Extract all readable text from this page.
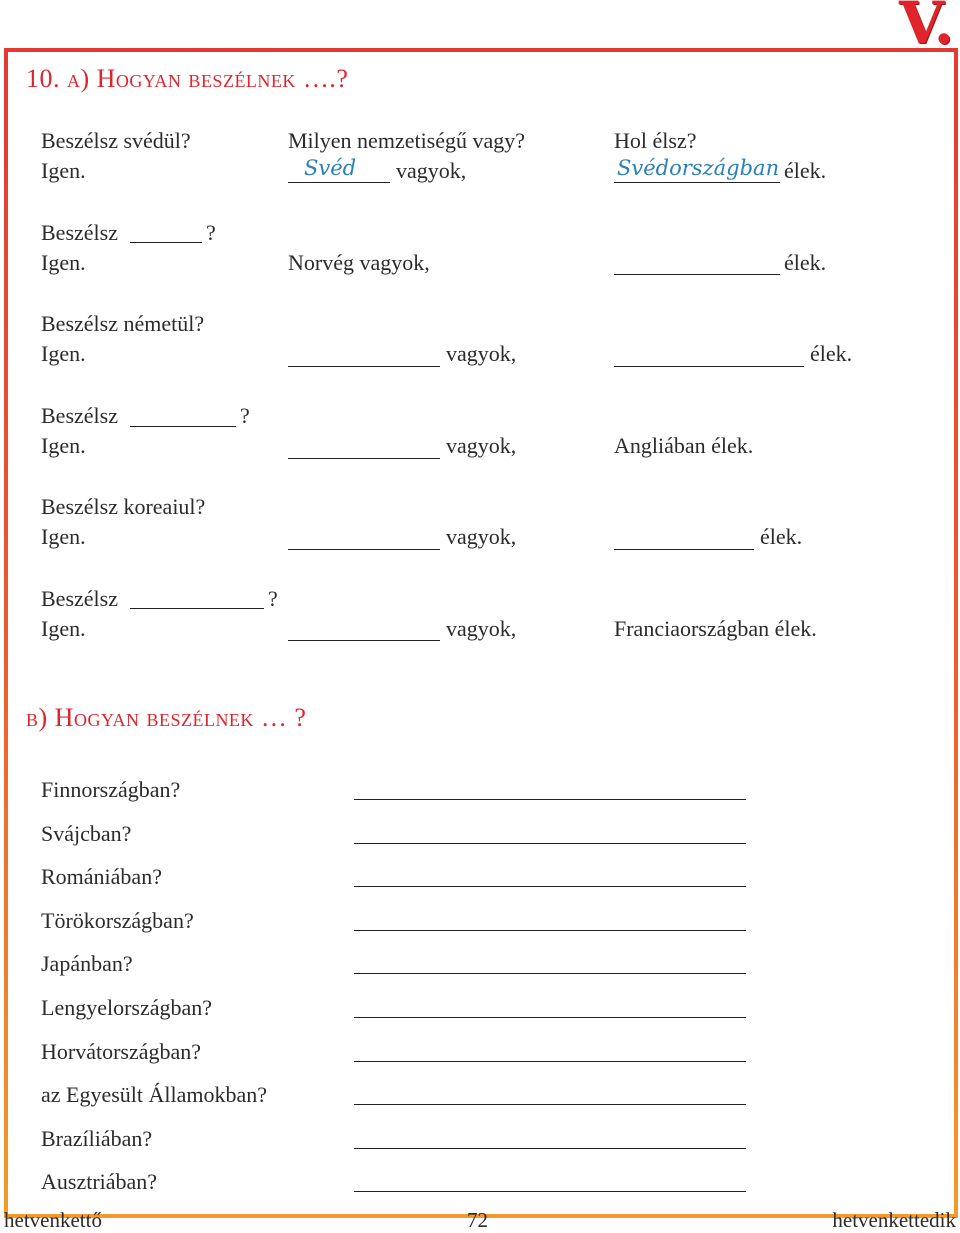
V.
10. a) Hogyan beszélnek ….?
Beszélsz svédül?	Milyen nemzetiségű vagy?	Hol élsz?
Igen.	Svéd vagyok,	Svédországban élek.
Beszélsz	?
Igen.	Norvég vagyok,	élek.
Beszélsz németül?
Igen.	vagyok,	élek.
Beszélsz	?
Igen.	vagyok,	Angliában élek.
Beszélsz koreaiul?
Igen.	vagyok,	élek.
Beszélsz	?
Igen.	vagyok,	Franciaországban élek.
b) Hogyan beszélnek … ?
Finnországban?
Svájcban?
Romániában?
Törökországban?
Japánban?
Lengyelországban?
Horvátországban?
az Egyesült Államokban?
Brazíliában?
Ausztriában?
hetvenkettő	72	hetvenkettedik
